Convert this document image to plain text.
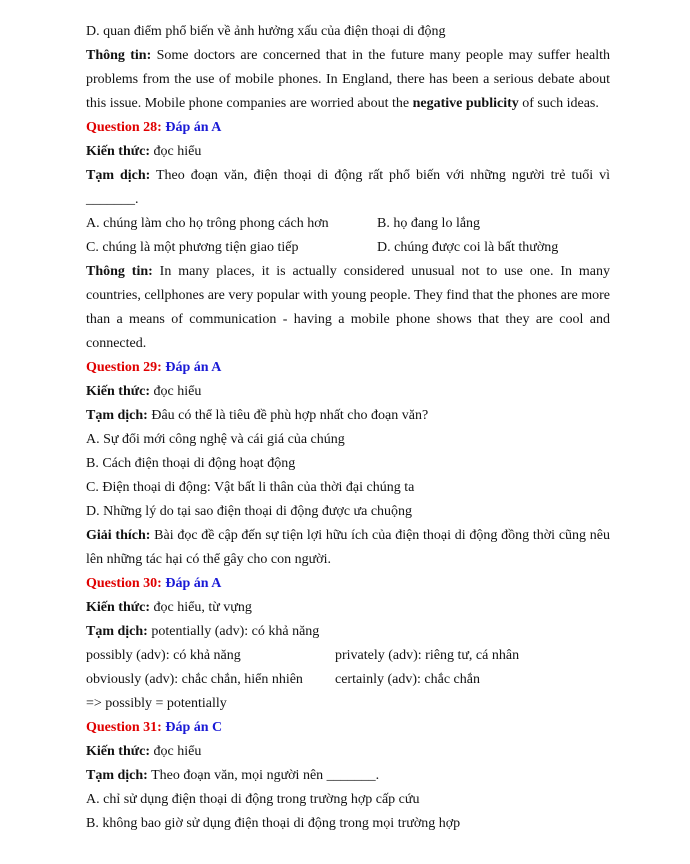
D. quan điểm phổ biến về ảnh hưởng xấu của điện thoại di động
Thông tin: Some doctors are concerned that in the future many people may suffer health problems from the use of mobile phones. In England, there has been a serious debate about this issue. Mobile phone companies are worried about the negative publicity of such ideas.
Question 28: Đáp án A
Kiến thức: đọc hiểu
Tạm dịch: Theo đoạn văn, điện thoại di động rất phổ biến với những người trẻ tuổi vì
_______.
A. chúng làm cho họ trông phong cách hơn	B. họ đang lo lắng
C. chúng là một phương tiện giao tiếp	D. chúng được coi là bất thường
Thông tin: In many places, it is actually considered unusual not to use one. In many countries, cellphones are very popular with young people. They find that the phones are more than a means of communication - having a mobile phone shows that they are cool and connected.
Question 29: Đáp án A
Kiến thức: đọc hiểu
Tạm dịch: Đâu có thể là tiêu đề phù hợp nhất cho đoạn văn?
A. Sự đổi mới công nghệ và cái giá của chúng
B. Cách điện thoại di động hoạt động
C. Điện thoại di động: Vật bất li thân của thời đại chúng ta
D. Những lý do tại sao điện thoại di động được ưa chuộng
Giải thích: Bài đọc đề cập đến sự tiện lợi hữu ích của điện thoại di động đồng thời cũng nêu lên những tác hại có thể gây cho con người.
Question 30: Đáp án A
Kiến thức: đọc hiểu, từ vựng
Tạm dịch: potentially (adv): có khả năng
possibly (adv): có khả năng	privately (adv): riêng tư, cá nhân
obviously (adv): chắc chắn, hiển nhiên	certainly (adv): chắc chắn
=> possibly = potentially
Question 31: Đáp án C
Kiến thức: đọc hiểu
Tạm dịch: Theo đoạn văn, mọi người nên _______.
A. chỉ sử dụng điện thoại di động trong trường hợp cấp cứu
B. không bao giờ sử dụng điện thoại di động trong mọi trường hợp
